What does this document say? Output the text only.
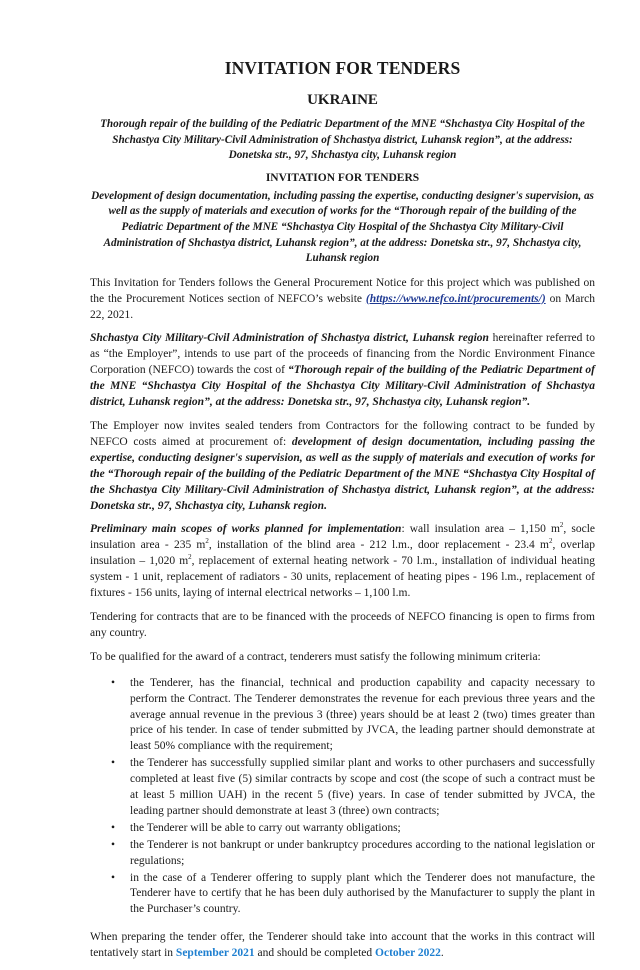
INVITATION FOR TENDERS
UKRAINE
Thorough repair of the building of the Pediatric Department of the MNE “Shchastya City Hospital of the Shchastya City Military-Civil Administration of Shchastya district, Luhansk region”, at the address: Donetska str., 97, Shchastya city, Luhansk region
INVITATION FOR TENDERS
Development of design documentation, including passing the expertise, conducting designer's supervision, as well as the supply of materials and execution of works for the “Thorough repair of the building of the Pediatric Department of the MNE “Shchastya City Hospital of the Shchastya City Military-Civil Administration of Shchastya district, Luhansk region”, at the address: Donetska str., 97, Shchastya city, Luhansk region

This Invitation for Tenders follows the General Procurement Notice for this project which was published on the the Procurement Notices section of NEFCO’s website (https://www.nefco.int/procurements/) on March 22, 2021.

Shchastya City Military-Civil Administration of Shchastya district, Luhansk region hereinafter referred to as “the Employer”, intends to use part of the proceeds of financing from the Nordic Environment Finance Corporation (NEFCO) towards the cost of “Thorough repair of the building of the Pediatric Department of the MNE “Shchastya City Hospital of the Shchastya City Military-Civil Administration of Shchastya district, Luhansk region”, at the address: Donetska str., 97, Shchastya city, Luhansk region”.

The Employer now invites sealed tenders from Contractors for the following contract to be funded by NEFCO costs aimed at procurement of: development of design documentation, including passing the expertise, conducting designer's supervision, as well as the supply of materials and execution of works for the “Thorough repair of the building of the Pediatric Department of the MNE “Shchastya City Hospital of the Shchastya City Military-Civil Administration of Shchastya district, Luhansk region”, at the address: Donetska str., 97, Shchastya city, Luhansk region.

Preliminary main scopes of works planned for implementation: wall insulation area – 1,150 $m^2$, socle insulation area - 235 $m^2$, installation of the blind area - 212 l.m., door replacement - 23.4 $m^2$, overlap insulation – 1,020 $m^2$, replacement of external heating network - 70 l.m., installation of individual heating system - 1 unit, replacement of radiators - 30 units, replacement of heating pipes - 196 l.m., replacement of fixtures - 156 units, laying of internal electrical networks – 1,100 l.m.

Tendering for contracts that are to be financed with the proceeds of NEFCO financing is open to firms from any country.

To be qualified for the award of a contract, tenderers must satisfy the following minimum criteria:

• the Tenderer, has the financial, technical and production capability and capacity necessary to perform the Contract. The Tenderer demonstrates the revenue for each previous three years and the average annual revenue in the previous 3 (three) years should be at least 2 (two) times greater than price of his tender. In case of tender submitted by JVCA, the leading partner should demonstrate at least 50% compliance with the requirement;
• the Tenderer has successfully supplied similar plant and works to other purchasers and successfully completed at least five (5) similar contracts by scope and cost (the scope of such a contract must be at least 5 million UAH) in the recent 5 (five) years. In case of tender submitted by JVCA, the leading partner should demonstrate at least 3 (three) own contracts;
• the Tenderer will be able to carry out warranty obligations;
• the Tenderer is not bankrupt or under bankruptcy procedures according to the national legislation or regulations;
• in the case of a Tenderer offering to supply plant which the Tenderer does not manufacture, the Tenderer have to certify that he has been duly authorised by the Manufacturer to supply the plant in the Purchaser’s country.

When preparing the tender offer, the Tenderer should take into account that the works in this contract will tentatively start in September 2021 and should be completed October 2022.
